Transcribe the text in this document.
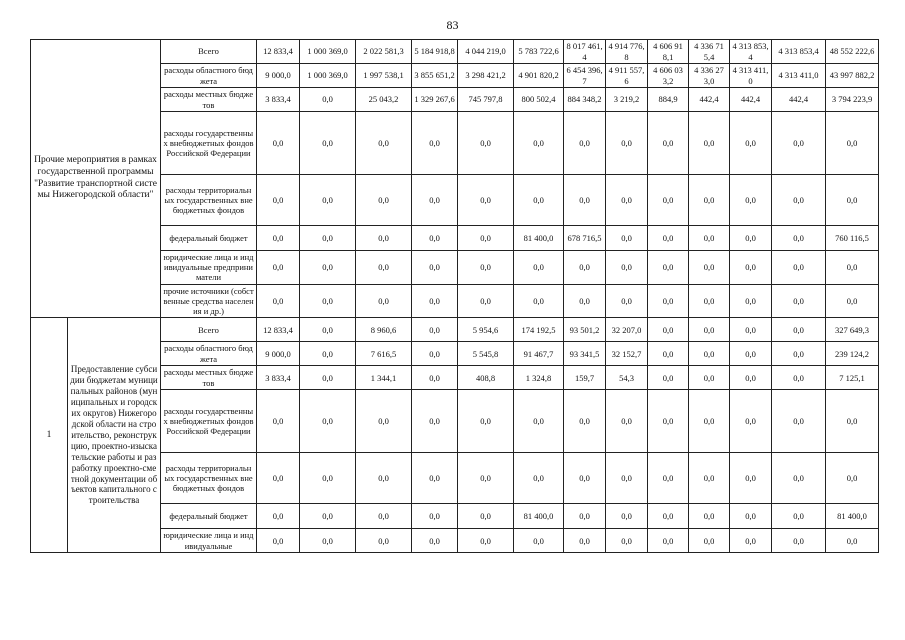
83
Прочие мероприятия в рамках государственной программы "Развитие транспортной системы Нижегородской области"		Всего	12 833,4	1 000 369,0	2 022 581,3	5 184 918,8	4 044 219,0	5 783 722,6	8 017 461,4	4 914 776,8	4 606 918,1	4 336 715,4	4 313 853,4	4 313 853,4	48 552 222,6
		расходы областного бюджета	9 000,0	1 000 369,0	1 997 538,1	3 855 651,2	3 298 421,2	4 901 820,2	6 454 396,7	4 911 557,6	4 606 033,2	4 336 273,0	4 313 411,0	4 313 411,0	43 997 882,2
		расходы местных бюджетов	3 833,4	0,0	25 043,2	1 329 267,6	745 797,8	800 502,4	884 348,2	3 219,2	884,9	442,4	442,4	442,4	3 794 223,9
		расходы государственных внебюджетных фондов Российской Федерации	0,0	0,0	0,0	0,0	0,0	0,0	0,0	0,0	0,0	0,0	0,0	0,0	0,0
		расходы территориальных государственных внебюджетных фондов	0,0	0,0	0,0	0,0	0,0	0,0	0,0	0,0	0,0	0,0	0,0	0,0	0,0
		федеральный бюджет	0,0	0,0	0,0	0,0	0,0	81 400,0	678 716,5	0,0	0,0	0,0	0,0	0,0	760 116,5
		юридические лица и индивидуальные предприниматели	0,0	0,0	0,0	0,0	0,0	0,0	0,0	0,0	0,0	0,0	0,0	0,0	0,0
		прочие источники (собственные средства населения и др.)	0,0	0,0	0,0	0,0	0,0	0,0	0,0	0,0	0,0	0,0	0,0	0,0	0,0
1	Предоставление субсидии бюджетам муниципальных районов (муниципальных и городских округов) Нижегородской области на строительство, реконструкцию, проектно-изыскательские работы и разработку проектно-сметной документации объектов капитального строительства	Всего	12 833,4	0,0	8 960,6	0,0	5 954,6	174 192,5	93 501,2	32 207,0	0,0	0,0	0,0	0,0	327 649,3
		расходы областного бюджета	9 000,0	0,0	7 616,5	0,0	5 545,8	91 467,7	93 341,5	32 152,7	0,0	0,0	0,0	0,0	239 124,2
		расходы местных бюджетов	3 833,4	0,0	1 344,1	0,0	408,8	1 324,8	159,7	54,3	0,0	0,0	0,0	0,0	7 125,1
		расходы государственных внебюджетных фондов Российской Федерации	0,0	0,0	0,0	0,0	0,0	0,0	0,0	0,0	0,0	0,0	0,0	0,0	0,0
		расходы территориальных государственных внебюджетных фондов	0,0	0,0	0,0	0,0	0,0	0,0	0,0	0,0	0,0	0,0	0,0	0,0	0,0
		федеральный бюджет	0,0	0,0	0,0	0,0	0,0	81 400,0	0,0	0,0	0,0	0,0	0,0	0,0	81 400,0
		юридические лица и индивидуальные	0,0	0,0	0,0	0,0	0,0	0,0	0,0	0,0	0,0	0,0	0,0	0,0	0,0
